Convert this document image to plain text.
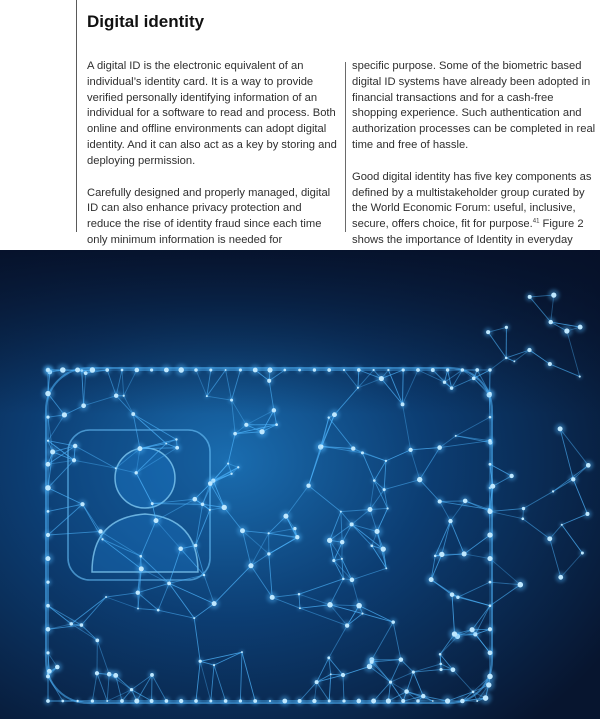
Digital identity

A digital ID is the electronic equivalent of an individual’s identity card. It is a way to provide verified personally identifying information of an individual for a software to read and process. Both online and offline environments can adopt digital identity. And it can also act as a key by storing and deploying permission.

Carefully designed and properly managed, digital ID can also enhance privacy protection and reduce the rise of identity fraud since each time only minimum information is needed for

specific purpose. Some of the biometric based digital ID systems have already been adopted in financial transactions and for a cash-free shopping experience. Such authentication and authorization processes can be completed in real time and free of hassle.

Good digital identity has five key components as defined by a multistakeholder group curated by the World Economic Forum: useful, inclusive, secure, offers choice, fit for purpose.$^{41}$ Figure 2 shows the importance of Identity in everyday
